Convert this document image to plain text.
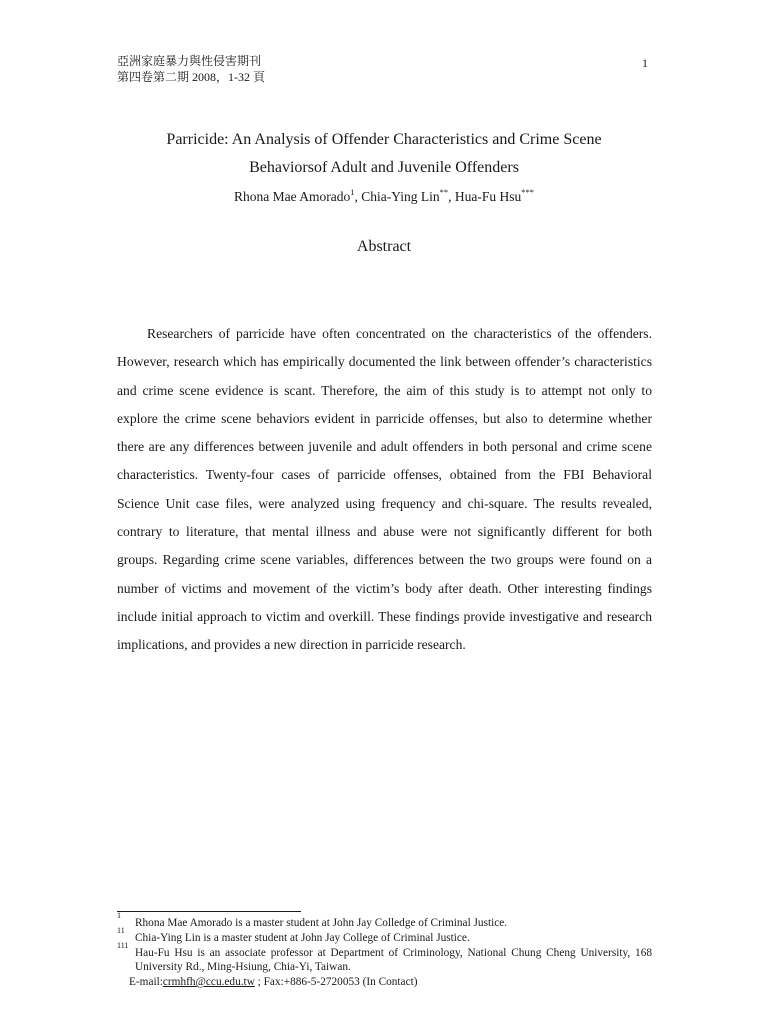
亞洲家庭暴力與性侵害期刊
第四卷第二期 2008，1-32 頁
1
Parricide: An Analysis of Offender Characteristics and Crime Scene
Behaviorsof Adult and Juvenile Offenders
Rhona Mae Amorado$^1$, Chia-Ying Lin**, Hua-Fu Hsu***
Abstract

Researchers of parricide have often concentrated on the characteristics of the offenders. However, research which has empirically documented the link between offender’s characteristics and crime scene evidence is scant. Therefore, the aim of this study is to attempt not only to explore the crime scene behaviors evident in parricide offenses, but also to determine whether there are any differences between juvenile and adult offenders in both personal and crime scene characteristics. Twenty-four cases of parricide offenses, obtained from the FBI Behavioral Science Unit case files, were analyzed using frequency and chi-square. The results revealed, contrary to literature, that mental illness and abuse were not significantly different for both groups. Regarding crime scene variables, differences between the two groups were found on a number of victims and movement of the victim’s body after death. Other interesting findings include initial approach to victim and overkill. These findings provide investigative and research implications, and provides a new direction in parricide research.

1
Rhona Mae Amorado is a master student at John Jay Colledge of Criminal Justice.
11
Chia-Ying Lin is a master student at John Jay College of Criminal Justice.
111
Hau-Fu Hsu is an associate professor at Department of Criminology, National Chung Cheng University, 168 University Rd., Ming-Hsiung, Chia-Yi, Taiwan.
E-mail:crmhfh@ccu.edu.tw ; Fax:+886-5-2720053 (In Contact)
